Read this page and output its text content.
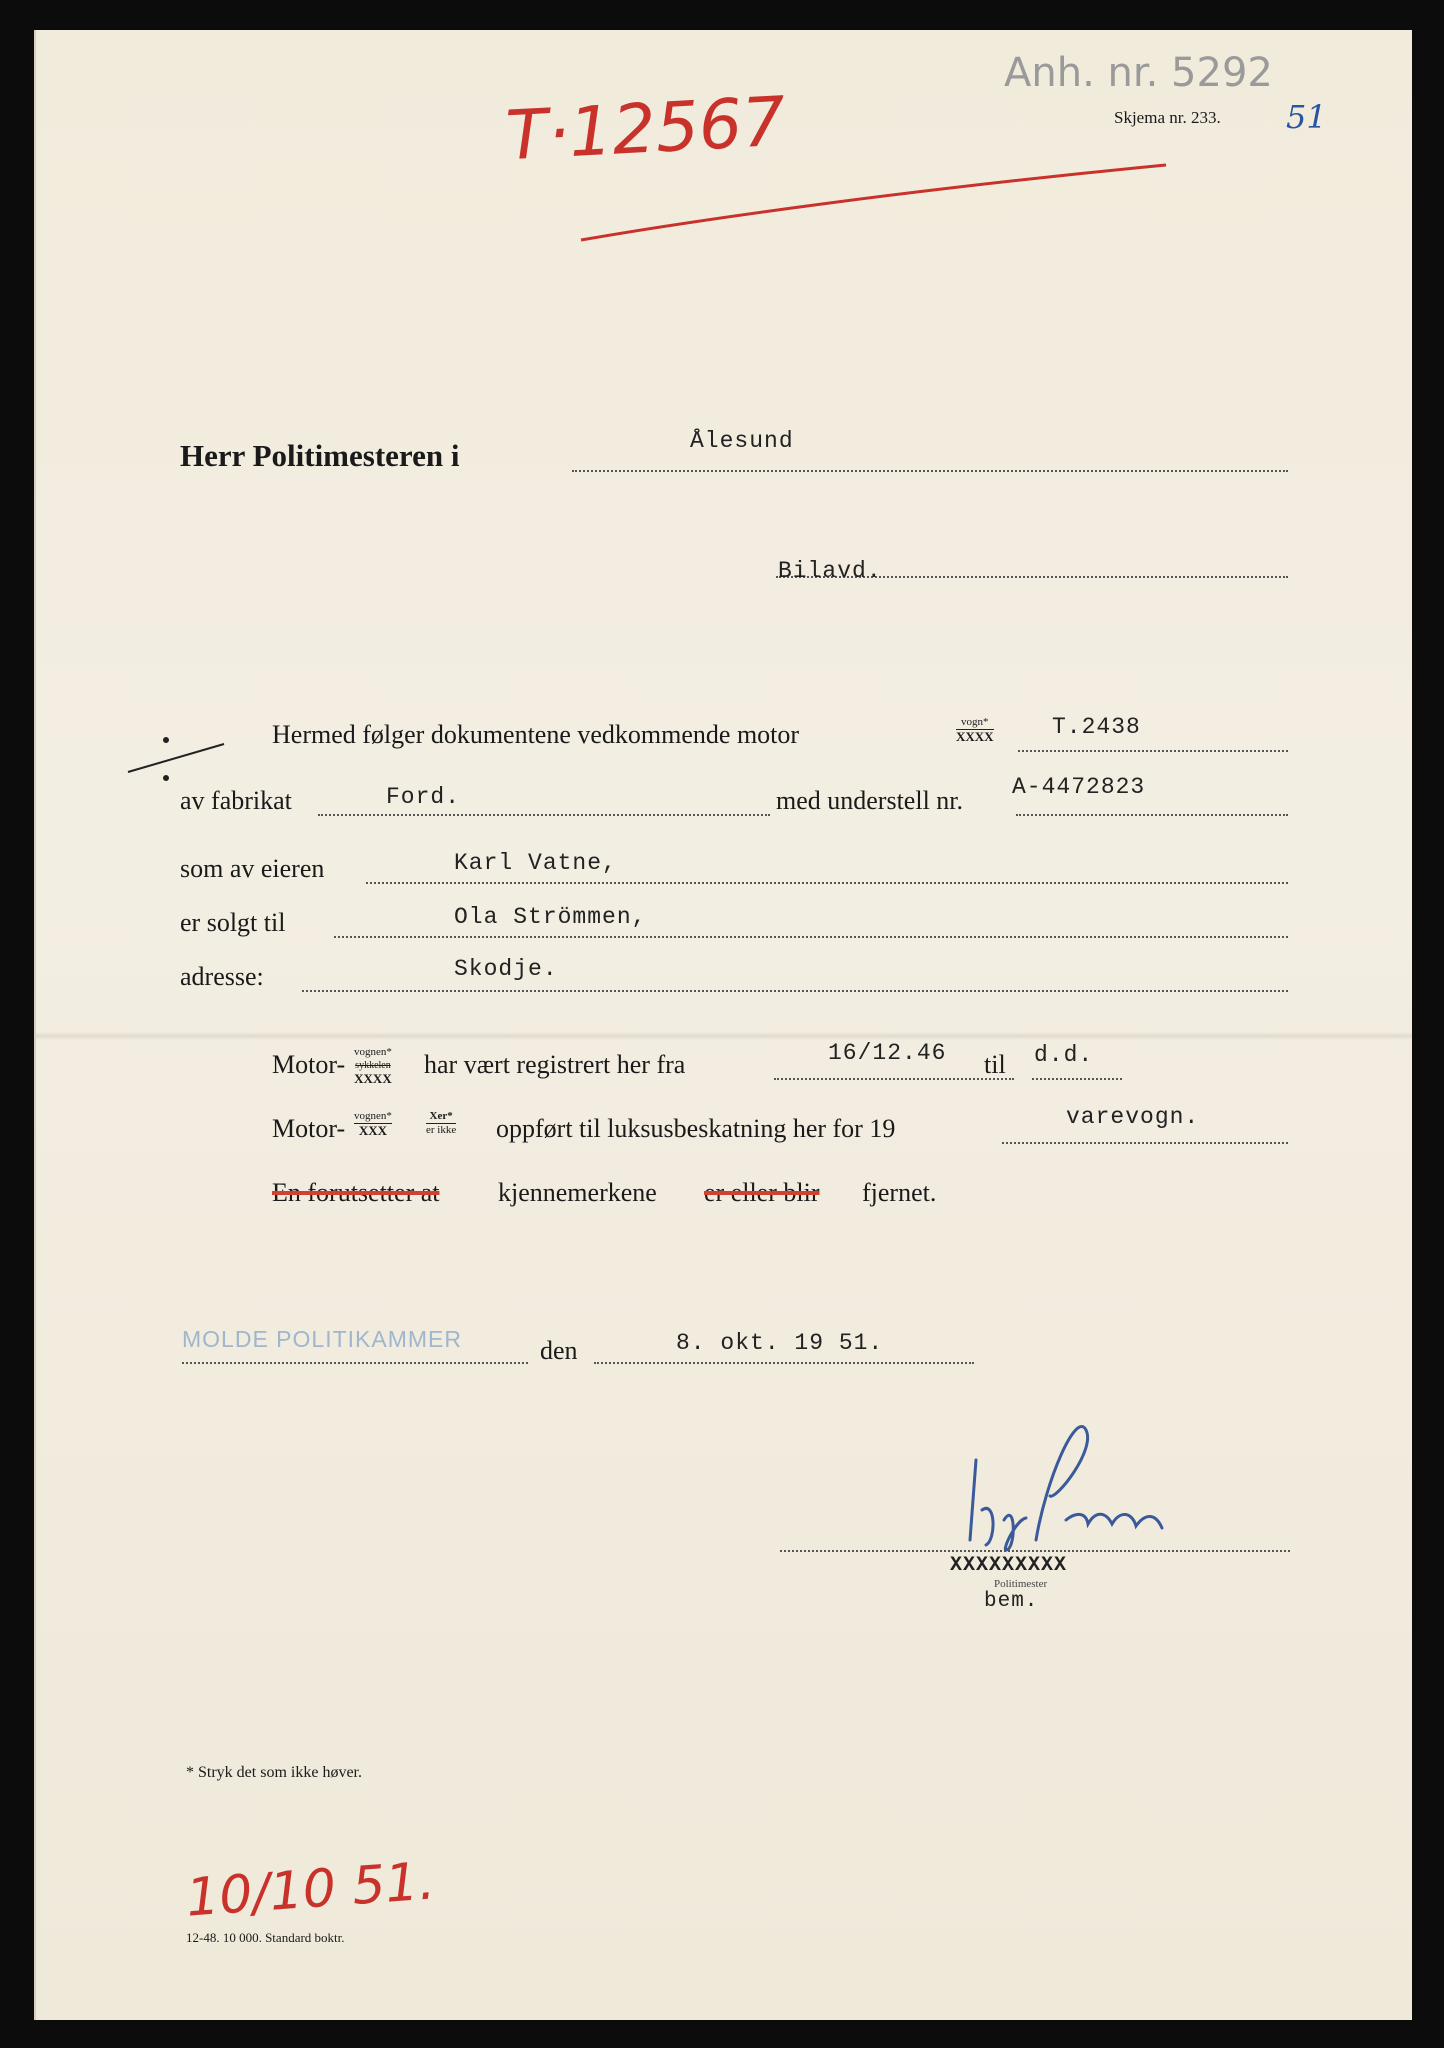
T·12567
Anh. nr. 5292
51
Skjema nr. 233.
Herr Politimesteren i	Ålesund
Bilavd.
Hermed følger dokumentene vedkommende motor	vogn*
XXXX	T.2438
av fabrikat	Ford.	med understell nr. A-4472823
som av eieren	Karl Vatne,
er solgt til	Ola Strömmen,
adresse:	Skodje.
Motor- vognen*
sykkelen
XXXX har vært registrert her fra	16/12.46 til d.d.
Motor- vognen*
XXX
Xer*
er ikke oppført til luksusbeskatning her for 19	varevogn.
En forutsetter at kjennemerkene er eller blir fjernet.
MOLDE POLITIKAMMER	den	8. okt. 19 51.
XXXXXXXXX
Politimester
bem.
* Stryk det som ikke høver.
10/10 51.
12-48. 10 000. Standard boktr.
